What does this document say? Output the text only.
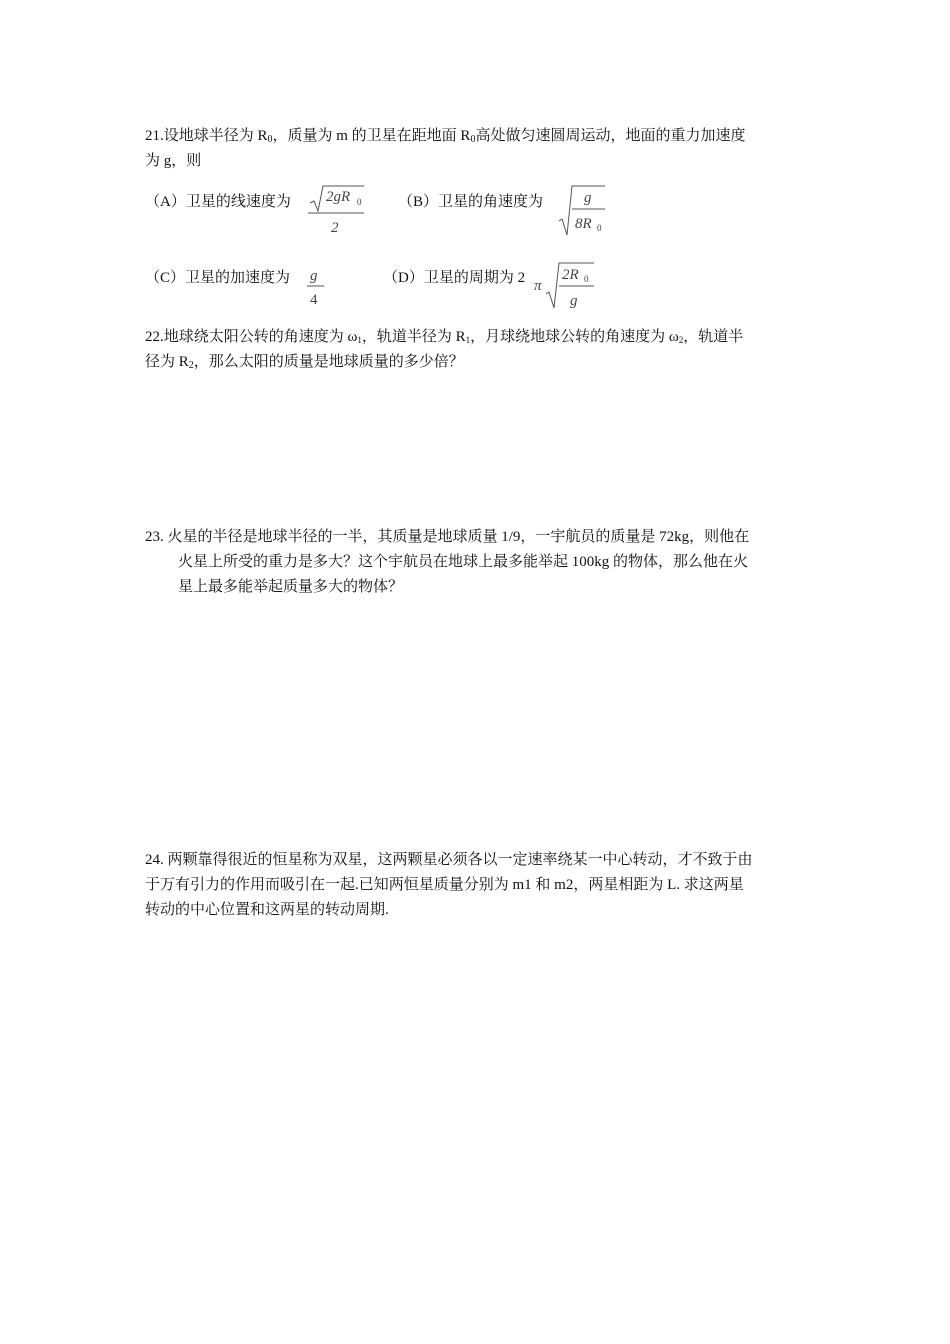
21.设地球半径为 $R_0$，质量为 m 的卫星在距地面 $R_0$高处做匀速圆周运动，地面的重力加速度
为 g，则
（A）卫星的线速度为 2gR 0
2
（B）卫星的角速度为	g
8R 0
（C）卫星的加速度为 g
4
（D）卫星的周期为 2 π
2R 0
g
22.地球绕太阳公转的角速度为 $\omega_1$，轨道半径为 $R_1$，月球绕地球公转的角速度为 $\omega_2$，轨道半
径为 $R_2$，那么太阳的质量是地球质量的多少倍？
23. 火星的半径是地球半径的一半，其质量是地球质量 1/9，一宇航员的质量是 72kg，则他在
火星上所受的重力是多大？这个宇航员在地球上最多能举起 100kg 的物体，那么他在火
星上最多能举起质量多大的物体？
24. 两颗靠得很近的恒星称为双星，这两颗星必须各以一定速率绕某一中心转动，才不致于由
于万有引力的作用而吸引在一起.已知两恒星质量分别为 m1 和 m2，两星相距为 L. 求这两星
转动的中心位置和这两星的转动周期.
